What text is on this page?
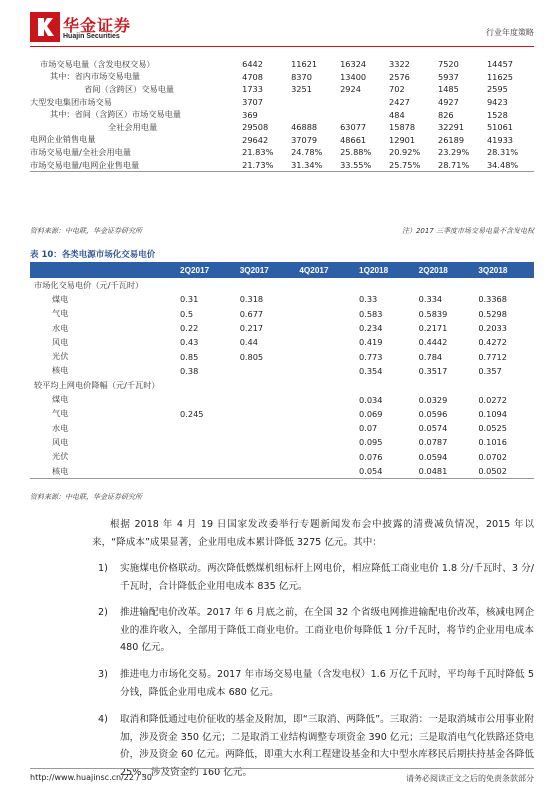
华金证券
Huajin Securities	行业年度策略
市场交易电量（含发电权交易）	6442	11621	16324	3322	7520	14457
其中：省内市场交易电量	4708	8370	13400	2576	5937	11625
省间（含跨区）交易电量	1733	3251	2924	702	1485	2595
大型发电集团市场交易	3707			2427	4927	9423
其中：省间（含跨区）市场交易电量	369			484	826	1528
全社会用电量	29508	46888	63077	15878	32291	51061
电网企业销售电量	29642	37079	48661	12901	26189	41933
市场交易电量/全社会用电量	21.83%	24.78%	25.88%	20.92%	23.29%	28.31%
市场交易电量/电网企业售电量	21.73%	31.34%	33.55%	25.75%	28.71%	34.48%
资料来源：中电联，华金证券研究所	注）2017 三季度市场交易电量不含发电权
表 10：各类电源市场化交易电价
	2Q2017	3Q2017	4Q2017	1Q2018	2Q2018	3Q2018
市场化交易电价（元/千瓦时）						
煤电	0.31	0.318		0.33	0.334	0.3368
气电	0.5	0.677		0.583	0.5839	0.5298
水电	0.22	0.217		0.234	0.2171	0.2033
风电	0.43	0.44		0.419	0.4442	0.4272
光伏	0.85	0.805		0.773	0.784	0.7712
核电	0.38			0.354	0.3517	0.357
较平均上网电价降幅（元/千瓦时）						
煤电				0.034	0.0329	0.0272
气电	0.245			0.069	0.0596	0.1094
水电				0.07	0.0574	0.0525
风电				0.095	0.0787	0.1016
光伏				0.076	0.0594	0.0702
核电				0.054	0.0481	0.0502
资料来源：中电联，华金证券研究所
根据 2018 年 4 月 19 日国家发改委举行专题新闻发布会中披露的清费减负情况，2015 年以来，“降成本”成果显著，企业用电成本累计降低 3275 亿元。其中：
1) 实施煤电价格联动。两次降低燃煤机组标杆上网电价，相应降低工商业电价 1.8 分/千瓦时、3 分/千瓦时，合计降低企业用电成本 835 亿元。
2) 推进输配电价改革。2017 年 6 月底之前，在全国 32 个省级电网推进输配电价改革，核减电网企业的准许收入，全部用于降低工商业电价。工商业电价每降低 1 分/千瓦时，将节约企业用电成本 480 亿元。
3) 推进电力市场化交易。2017 年市场交易电量（含发电权）1.6 万亿千瓦时，平均每千瓦时降低 5 分钱，降低企业用电成本 680 亿元。
4) 取消和降低通过电价征收的基金及附加，即“三取消、两降低”。三取消：一是取消城市公用事业附加，涉及资金 350 亿元；二是取消工业结构调整专项资金 390 亿元；三是取消电气化铁路还贷电价，涉及资金 60 亿元。两降低，即重大水利工程建设基金和大中型水库移民后期扶持基金各降低 25%，涉及资金约 160 亿元。
http://www.huajinsc.cn/22 / 30	请务必阅读正文之后的免责条款部分
